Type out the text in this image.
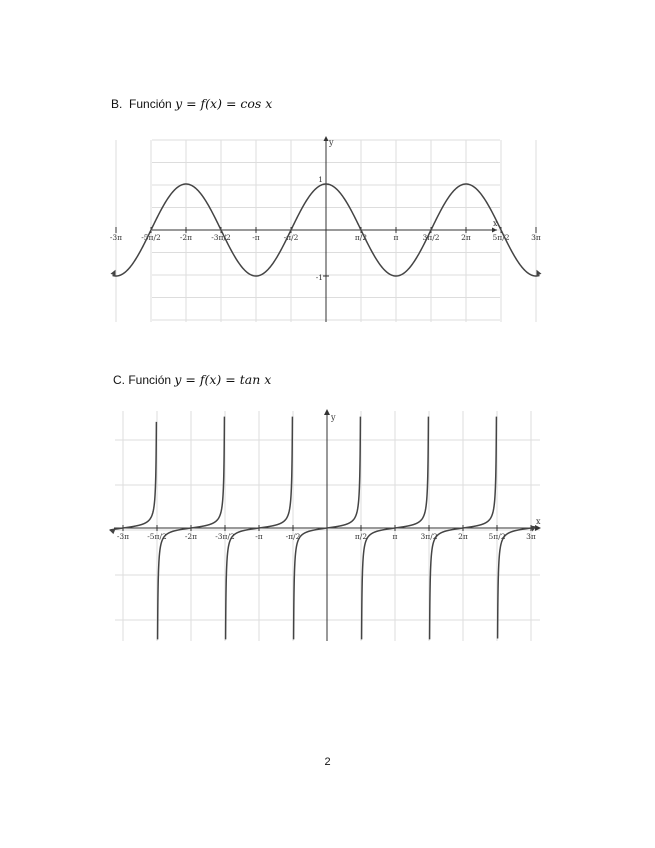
B. Función y = f(x) = cos x
x
y
-3π	-5π/2	-2π	-3π/2	-π	-π/2	π/2	π	3π/2	2π	5π/2	3π
1
-1
C. Función y = f(x) = tan x
x
y
-3π -5π/2 -2π -3π/2	-π	-π/2	π/2	π	3π/2	2π	5π/2	3π
2
